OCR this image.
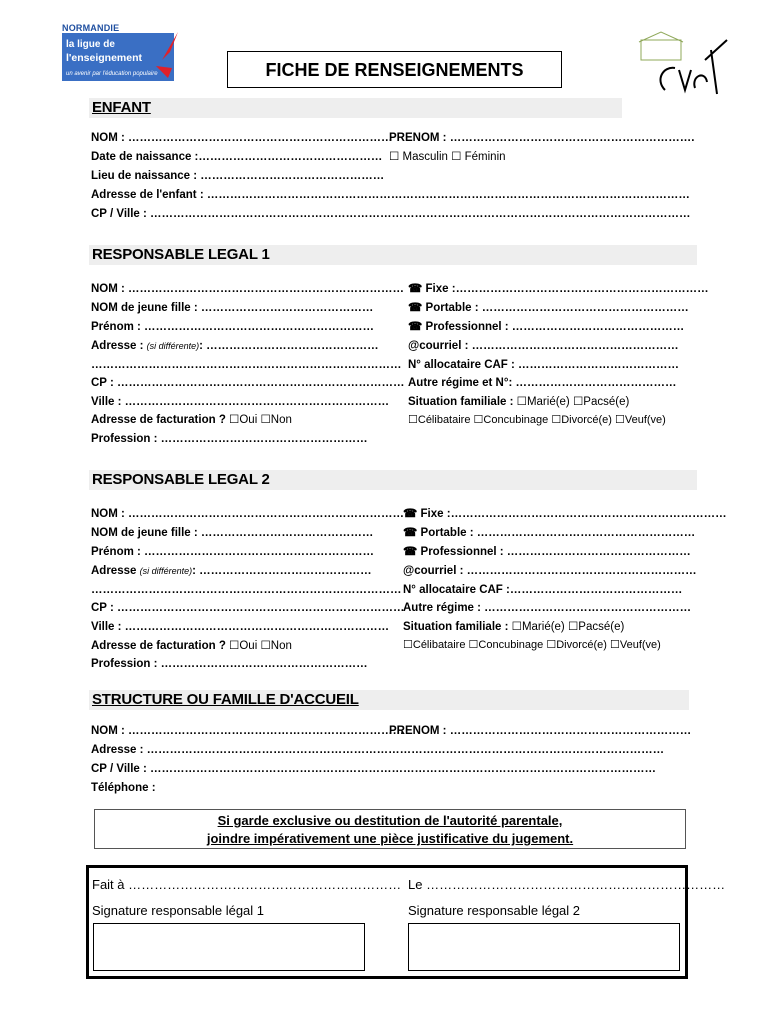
NORMANDIE
la ligue de
l'enseignement
un avenir par l'éducation populaire	FICHE DE RENSEIGNEMENTS
ENFANT
NOM : ……………………………………………………………
PRENOM : ……………………………………………………….
Date de naissance :………………………………………… ☐ Masculin ☐ Féminin
Lieu de naissance : …………………………………………
Adresse de l'enfant : ………………………………………………………………………………………………………………
CP / Ville : ……………………………………………………………………………………………………………………………
RESPONSABLE LEGAL 1
NOM : ………………………………………………………………
NOM de jeune fille : ………………………………………
Prénom : ……………………………………………………
Adresse : (si différente): ………………………………………
………………………………………………………………………
CP : …………………………………………………………………
Ville : ……………………………………………………………
Adresse de facturation ? ☐Oui ☐Non
Profession : ………………………………………………
☎ Fixe :…………………………………………………………
☎ Portable : ………………………………………………
☎ Professionnel : ………………………………………
@courriel : ………………………………………………
N° allocataire CAF : ……………………………………
Autre régime et N°: ……………………………………
Situation familiale : ☐Marié(e) ☐Pacsé(e)
☐Célibataire ☐Concubinage ☐Divorcé(e) ☐Veuf(ve)
RESPONSABLE LEGAL 2
NOM : ………………………………………………………………
NOM de jeune fille : ………………………………………
Prénom : ……………………………………………………
Adresse (si différente): ………………………………………
………………………………………………………………………
CP : …………………………………………………………………
Ville : ……………………………………………………………
Adresse de facturation ? ☐Oui ☐Non
Profession : ………………………………………………
☎ Fixe :………………………………………………………………
☎ Portable : …………………………………………………
☎ Professionnel : …………………………………………
@courriel : ……………………………………………………
N° allocataire CAF :………………………………………
Autre régime : ………………………………………………
Situation familiale : ☐Marié(e) ☐Pacsé(e)
☐Célibataire ☐Concubinage ☐Divorcé(e) ☐Veuf(ve)
STRUCTURE OU FAMILLE D'ACCUEIL
NOM : ………………………………………………………………
PRENOM : ………………………………………………………
Adresse : ………………………………………………………………………………………………………………………
CP / Ville : ……………………………………………………………………………………………………………………
Téléphone :
Si garde exclusive ou destitution de l'autorité parentale,
joindre impérativement une pièce justificative du jugement.
Fait à ……………………………………………………… Le ……………………………………………………………
Signature responsable légal 1	Signature responsable légal 2
